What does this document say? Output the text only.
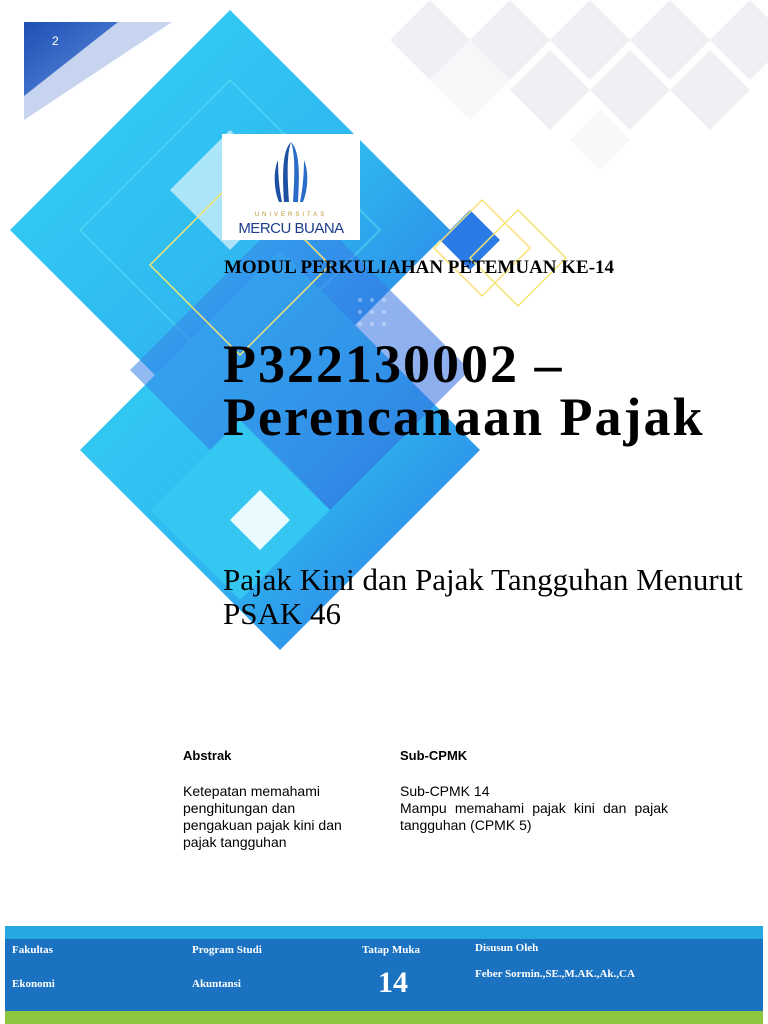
2
UNIVERSITAS
MERCU BUANA
MODUL PERKULIAHAN PETEMUAN KE-14
P322130002 – Perencanaan Pajak
Pajak Kini dan Pajak Tangguhan Menurut PSAK 46
Abstrak
Ketepatan memahami penghitungan dan pengakuan pajak kini dan pajak tangguhan
Sub-CPMK
Sub-CPMK 14
Mampu memahami pajak kini dan pajak tangguhan (CPMK 5)
Fakultas
Ekonomi
Program Studi
Akuntansi
Tatap Muka
14
Disusun Oleh
Feber Sormin.,SE.,M.AK.,Ak.,CA
